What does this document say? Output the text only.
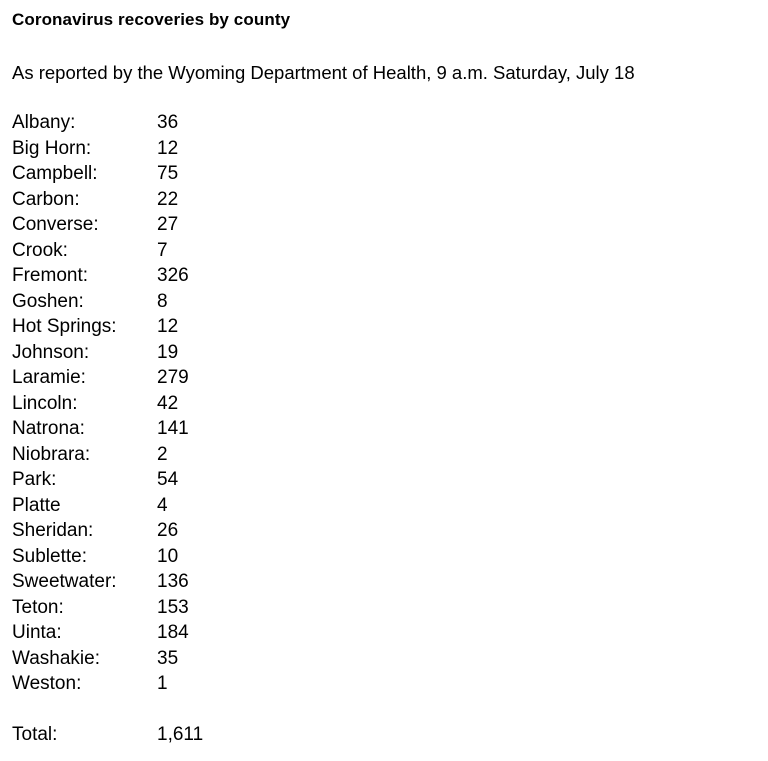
Coronavirus recoveries by county

As reported by the Wyoming Department of Health, 9 a.m. Saturday, July 18

Albany:	36
Big Horn:	12
Campbell:	75
Carbon:	22
Converse:	27
Crook:	7
Fremont:	326
Goshen:	8
Hot Springs:	12
Johnson:	19
Laramie:	279
Lincoln:	42
Natrona:	141
Niobrara:	2
Park:	54
Platte	4
Sheridan:	26
Sublette:	10
Sweetwater:	136
Teton:	153
Uinta:	184
Washakie:	35
Weston:	1
Total:	1,611
